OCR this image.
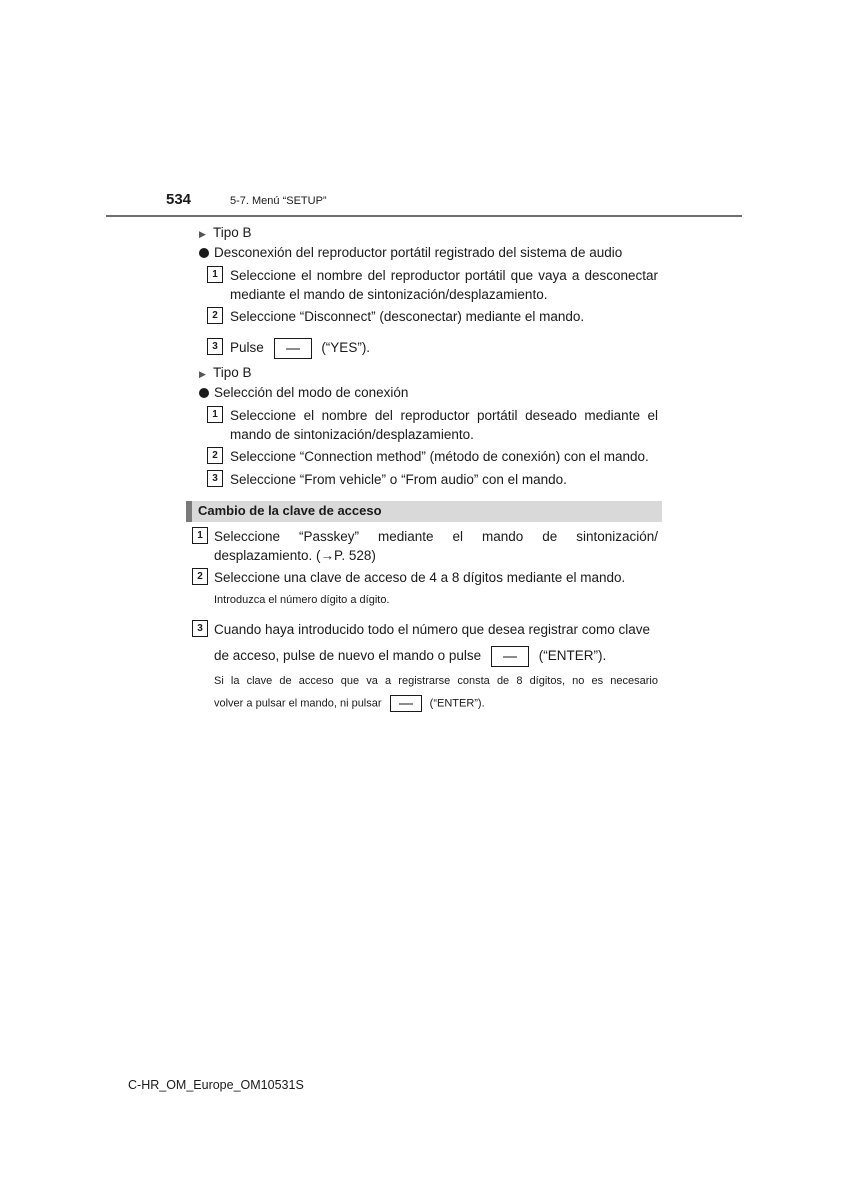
534	5-7. Menú “SETUP”
▶ Tipo B
Desconexión del reproductor portátil registrado del sistema de audio
1 Seleccione el nombre del reproductor portátil que vaya a desconectar mediante el mando de sintonización/desplazamiento.
2 Seleccione “Disconnect” (desconectar) mediante el mando.
3 Pulse	(“YES”).
▶ Tipo B
Selección del modo de conexión
1 Seleccione el nombre del reproductor portátil deseado mediante el mando de sintonización/desplazamiento.
2 Seleccione “Connection method” (método de conexión) con el mando.
3 Seleccione “From vehicle” o “From audio” con el mando.
Cambio de la clave de acceso
1 Seleccione “Passkey” mediante el mando de sintonización/ desplazamiento. (→P. 528)
2 Seleccione una clave de acceso de 4 a 8 dígitos mediante el mando.
Introduzca el número dígito a dígito.
3 Cuando haya introducido todo el número que desea registrar como clave
de acceso, pulse de nuevo el mando o pulse	(“ENTER”).
Si la clave de acceso que va a registrarse consta de 8 dígitos, no es necesario
volver a pulsar el mando, ni pulsar	(“ENTER”).
C-HR_OM_Europe_OM10531S
